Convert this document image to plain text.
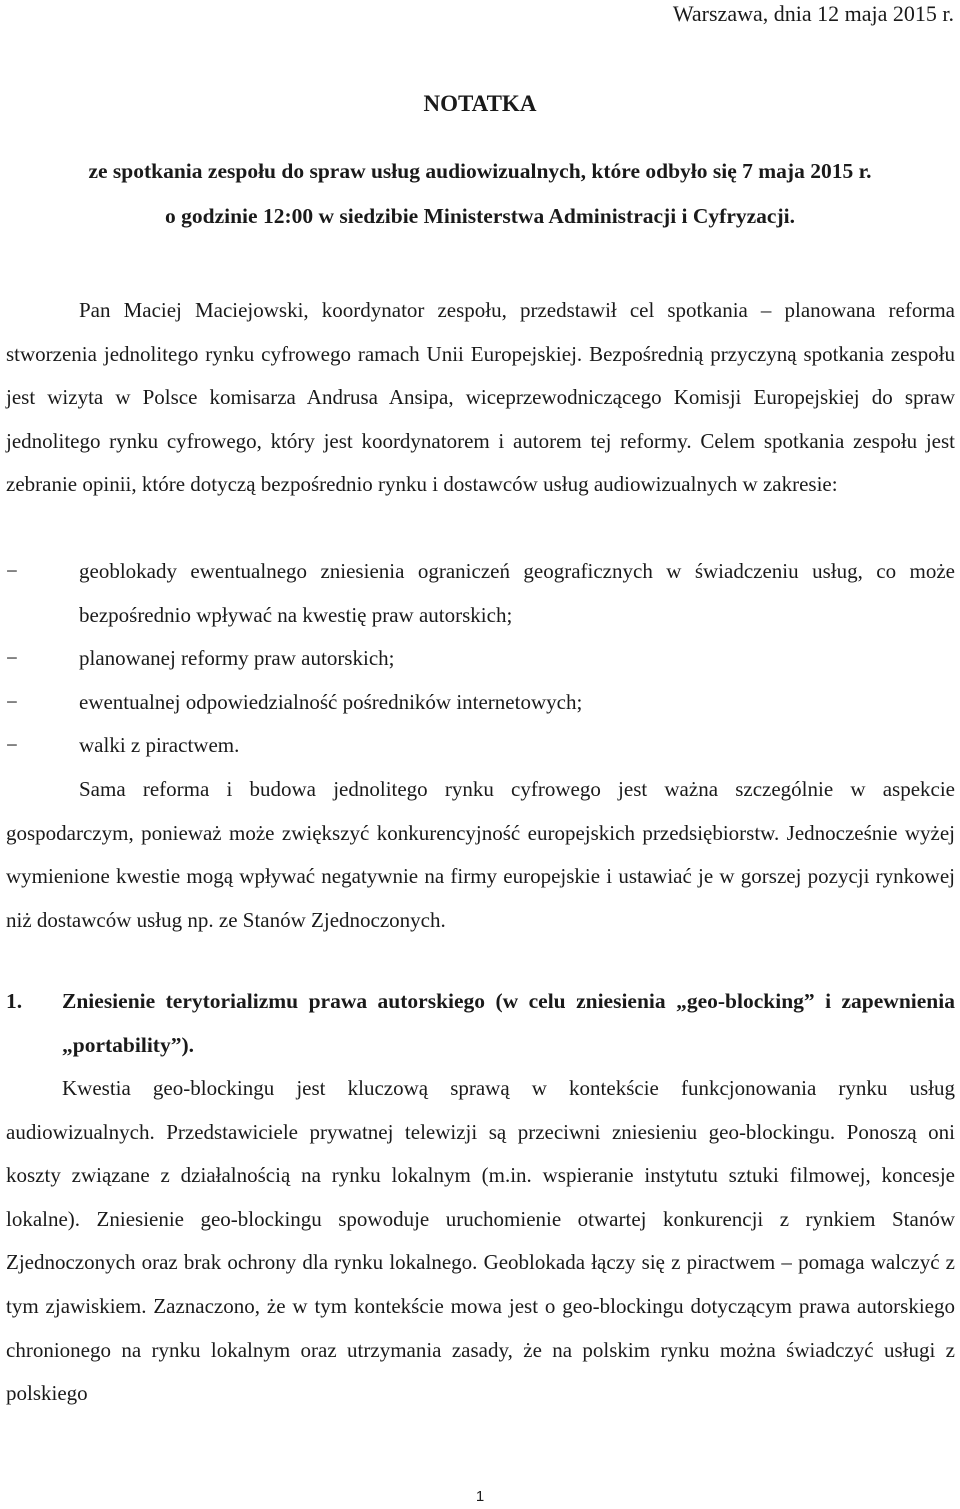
Warszawa, dnia 12 maja 2015 r.
NOTATKA
ze spotkania zespołu do spraw usług audiowizualnych, które odbyło się 7 maja 2015 r.
o godzinie 12:00 w siedzibie Ministerstwa Administracji i Cyfryzacji.

Pan Maciej Maciejowski, koordynator zespołu, przedstawił cel spotkania – planowana reforma stworzenia jednolitego rynku cyfrowego ramach Unii Europejskiej. Bezpośrednią przyczyną spotkania zespołu jest wizyta w Polsce komisarza Andrusa Ansipa, wiceprzewodniczącego Komisji Europejskiej do spraw jednolitego rynku cyfrowego, który jest koordynatorem i autorem tej reformy. Celem spotkania zespołu jest zebranie opinii, które dotyczą bezpośrednio rynku i dostawców usług audiowizualnych w zakresie:

−	geoblokady ewentualnego zniesienia ograniczeń geograficznych w świadczeniu usług, co może bezpośrednio wpływać na kwestię praw autorskich;
−	planowanej reformy praw autorskich;
−	ewentualnej odpowiedzialność pośredników internetowych;
−	walki z piractwem.

Sama reforma i budowa jednolitego rynku cyfrowego jest ważna szczególnie w aspekcie gospodarczym, ponieważ może zwiększyć konkurencyjność europejskich przedsiębiorstw. Jednocześnie wyżej wymienione kwestie mogą wpływać negatywnie na firmy europejskie i ustawiać je w gorszej pozycji rynkowej niż dostawców usług np. ze Stanów Zjednoczonych.

1.	Zniesienie terytorializmu prawa autorskiego (w celu zniesienia „geo-blocking” i zapewnienia „portability”).

Kwestia geo-blockingu jest kluczową sprawą w kontekście funkcjonowania rynku usług audiowizualnych. Przedstawiciele prywatnej telewizji są przeciwni zniesieniu geo-blockingu. Ponoszą oni koszty związane z działalnością na rynku lokalnym (m.in. wspieranie instytutu sztuki filmowej, koncesje lokalne). Zniesienie geo-blockingu spowoduje uruchomienie otwartej konkurencji z rynkiem Stanów Zjednoczonych oraz brak ochrony dla rynku lokalnego. Geoblokada łączy się z piractwem – pomaga walczyć z tym zjawiskiem. Zaznaczono, że w tym kontekście mowa jest o geo-blockingu dotyczącym prawa autorskiego chronionego na rynku lokalnym oraz utrzymania zasady, że na polskim rynku można świadczyć usługi z polskiego

1
